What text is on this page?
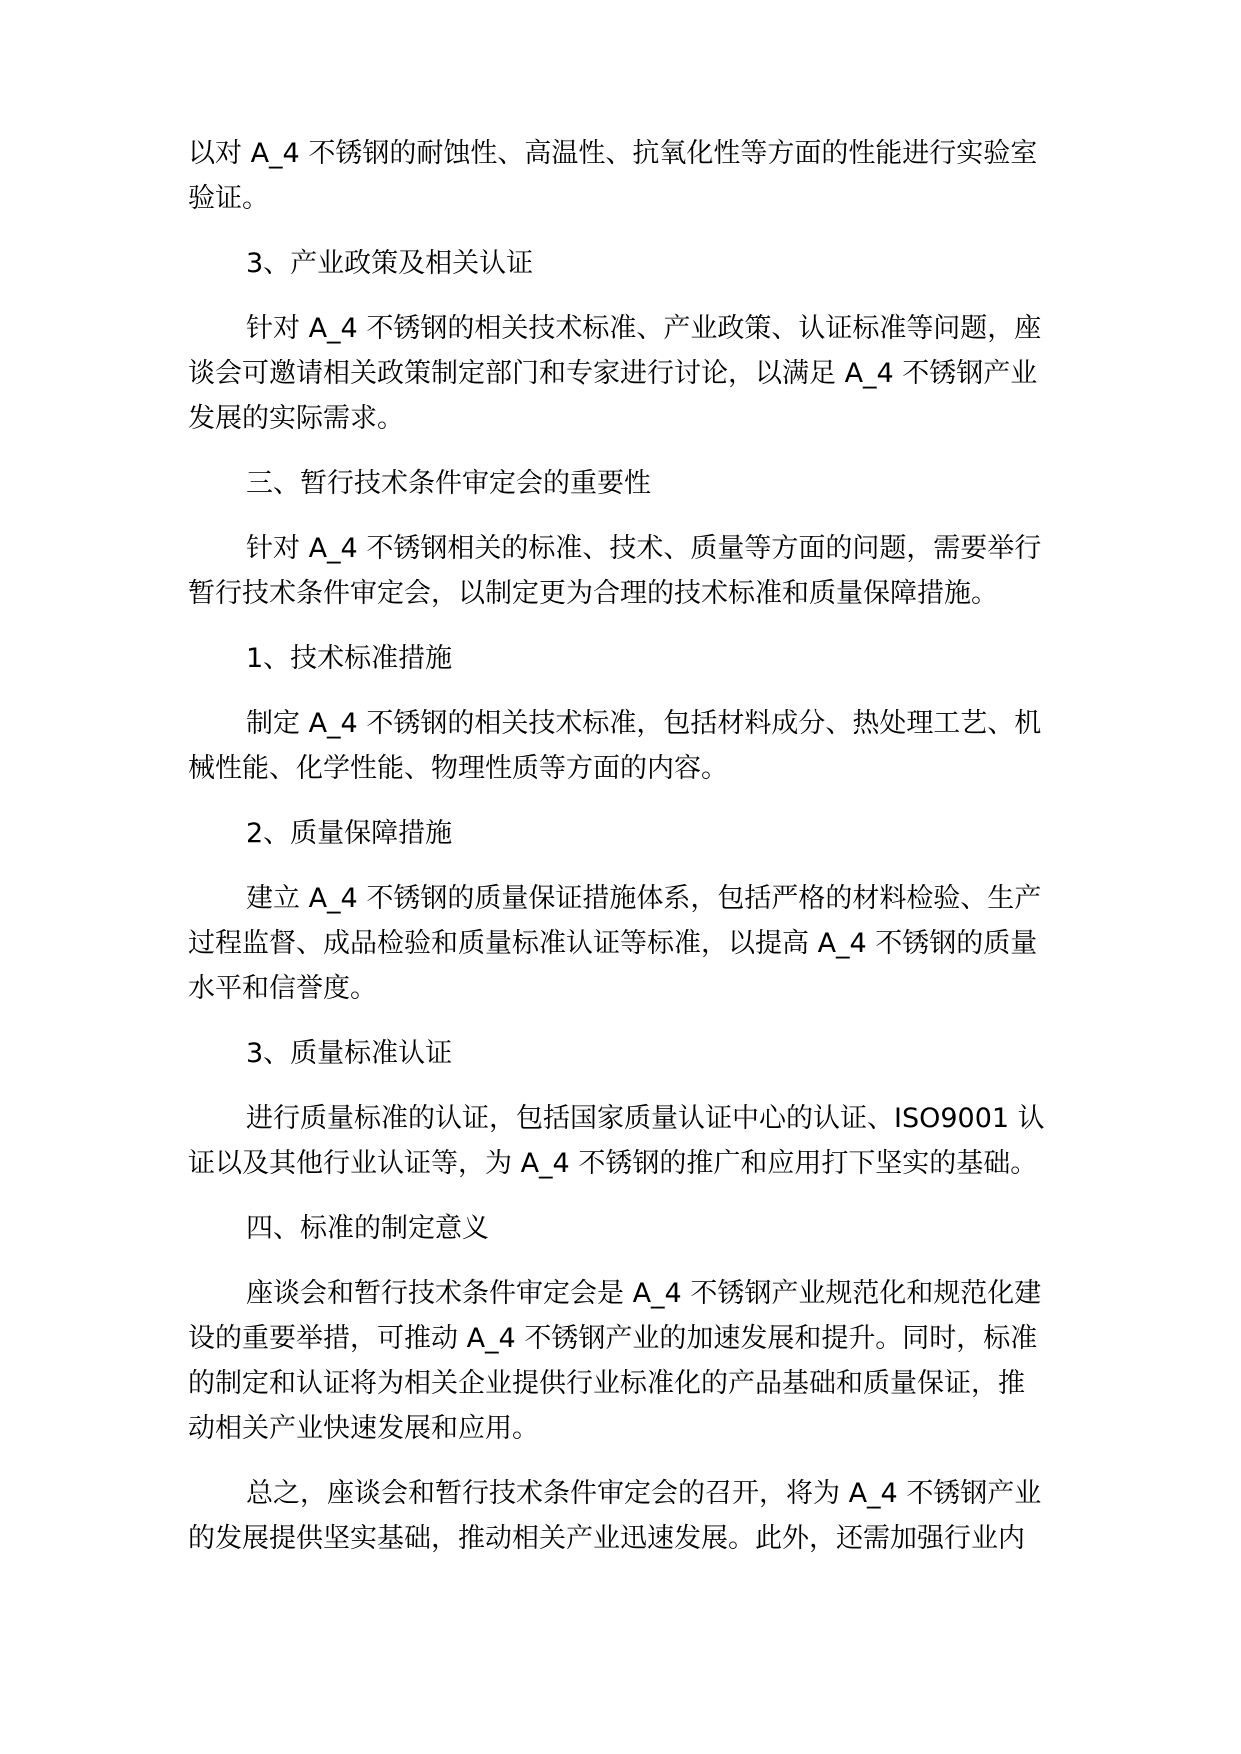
以对 A_4 不锈钢的耐蚀性、高温性、抗氧化性等方面的性能进行实验室验证。

3、产业政策及相关认证

针对 A_4 不锈钢的相关技术标准、产业政策、认证标准等问题，座谈会可邀请相关政策制定部门和专家进行讨论，以满足 A_4 不锈钢产业发展的实际需求。

三、暂行技术条件审定会的重要性

针对 A_4 不锈钢相关的标准、技术、质量等方面的问题，需要举行暂行技术条件审定会，以制定更为合理的技术标准和质量保障措施。

1、技术标准措施

制定 A_4 不锈钢的相关技术标准，包括材料成分、热处理工艺、机械性能、化学性能、物理性质等方面的内容。

2、质量保障措施

建立 A_4 不锈钢的质量保证措施体系，包括严格的材料检验、生产过程监督、成品检验和质量标准认证等标准，以提高 A_4 不锈钢的质量水平和信誉度。

3、质量标准认证

进行质量标准的认证，包括国家质量认证中心的认证、ISO9001 认证以及其他行业认证等，为 A_4 不锈钢的推广和应用打下坚实的基础。

四、标准的制定意义

座谈会和暂行技术条件审定会是 A_4 不锈钢产业规范化和规范化建设的重要举措，可推动 A_4 不锈钢产业的加速发展和提升。同时，标准的制定和认证将为相关企业提供行业标准化的产品基础和质量保证，推动相关产业快速发展和应用。

总之，座谈会和暂行技术条件审定会的召开，将为 A_4 不锈钢产业的发展提供坚实基础，推动相关产业迅速发展。此外，还需加强行业内
